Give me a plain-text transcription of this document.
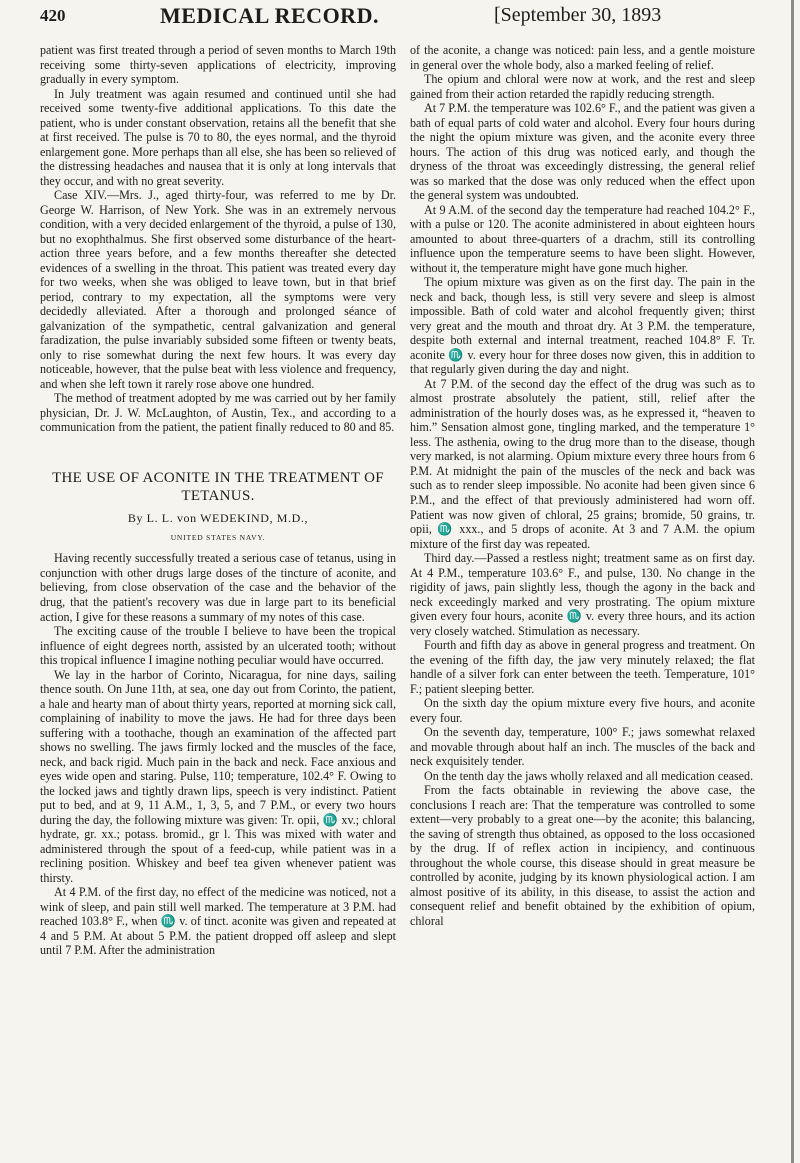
420	MEDICAL RECORD.	[September 30, 1893

patient was first treated through a period of seven months to March 19th receiving some thirty-seven applications of electricity, improving gradually in every symptom.

In July treatment was again resumed and continued until she had received some twenty-five additional applications. To this date the patient, who is under constant observation, retains all the benefit that she at first received. The pulse is 70 to 80, the eyes normal, and the thyroid enlargement gone. More perhaps than all else, she has been so relieved of the distressing headaches and nausea that it is only at long intervals that they occur, and with no great severity.

Case XIV.—Mrs. J., aged thirty-four, was referred to me by Dr. George W. Harrison, of New York. She was in an extremely nervous condition, with a very decided enlargement of the thyroid, a pulse of 130, but no exophthalmus. She first observed some disturbance of the heart-action three years before, and a few months thereafter she detected evidences of a swelling in the throat. This patient was treated every day for two weeks, when she was obliged to leave town, but in that brief period, contrary to my expectation, all the symptoms were very decidedly alleviated. After a thorough and prolonged séance of galvanization of the sympathetic, central galvanization and general faradization, the pulse invariably subsided some fifteen or twenty beats, only to rise somewhat during the next few hours. It was every day noticeable, however, that the pulse beat with less violence and frequency, and when she left town it rarely rose above one hundred.

The method of treatment adopted by me was carried out by her family physician, Dr. J. W. McLaughton, of Austin, Tex., and according to a communication from the patient, the patient finally reduced to 80 and 85.

THE USE OF ACONITE IN THE TREATMENT OF TETANUS.
By L. L. von WEDEKIND, M.D.,
UNITED STATES NAVY.

Having recently successfully treated a serious case of tetanus, using in conjunction with other drugs large doses of the tincture of aconite, and believing, from close observation of the case and the behavior of the drug, that the patient's recovery was due in large part to its beneficial action, I give for these reasons a summary of my notes of this case.

The exciting cause of the trouble I believe to have been the tropical influence of eight degrees north, assisted by an ulcerated tooth; without this tropical influence I imagine nothing peculiar would have occurred.

We lay in the harbor of Corinto, Nicaragua, for nine days, sailing thence south. On June 11th, at sea, one day out from Corinto, the patient, a hale and hearty man of about thirty years, reported at morning sick call, complaining of inability to move the jaws. He had for three days been suffering with a toothache, though an examination of the affected part shows no swelling. The jaws firmly locked and the muscles of the face, neck, and back rigid. Much pain in the back and neck. Face anxious and eyes wide open and staring. Pulse, 110; temperature, 102.4° F. Owing to the locked jaws and tightly drawn lips, speech is very indistinct. Patient put to bed, and at 9, 11 A.M., 1, 3, 5, and 7 P.M., or every two hours during the day, the following mixture was given: Tr. opii, ♏ xv.; chloral hydrate, gr. xx.; potass. bromid., gr l. This was mixed with water and administered through the spout of a feed-cup, while patient was in a reclining position. Whiskey and beef tea given whenever patient was thirsty.

At 4 P.M. of the first day, no effect of the medicine was noticed, not a wink of sleep, and pain still well marked. The temperature at 3 P.M. had reached 103.8° F., when ♏ v. of tinct. aconite was given and repeated at 4 and 5 P.M. At about 5 P.M. the patient dropped off asleep and slept until 7 P.M. After the administration

of the aconite, a change was noticed: pain less, and a gentle moisture in general over the whole body, also a marked feeling of relief.

The opium and chloral were now at work, and the rest and sleep gained from their action retarded the rapidly reducing strength.

At 7 P.M. the temperature was 102.6° F., and the patient was given a bath of equal parts of cold water and alcohol. Every four hours during the night the opium mixture was given, and the aconite every three hours. The action of this drug was noticed early, and though the dryness of the throat was exceedingly distressing, the general relief was so marked that the dose was only reduced when the effect upon the general system was undoubted.

At 9 A.M. of the second day the temperature had reached 104.2° F., with a pulse or 120. The aconite administered in about eighteen hours amounted to about three-quarters of a drachm, still its controlling influence upon the temperature seems to have been slight. However, without it, the temperature might have gone much higher.

The opium mixture was given as on the first day. The pain in the neck and back, though less, is still very severe and sleep is almost impossible. Bath of cold water and alcohol frequently given; thirst very great and the mouth and throat dry. At 3 P.M. the temperature, despite both external and internal treatment, reached 104.8° F. Tr. aconite ♏ v. every hour for three doses now given, this in addition to that regularly given during the day and night.

At 7 P.M. of the second day the effect of the drug was such as to almost prostrate absolutely the patient, still, relief after the administration of the hourly doses was, as he expressed it, “heaven to him.” Sensation almost gone, tingling marked, and the temperature 1° less. The asthenia, owing to the drug more than to the disease, though very marked, is not alarming. Opium mixture every three hours from 6 P.M. At midnight the pain of the muscles of the neck and back was such as to render sleep impossible. No aconite had been given since 6 P.M., and the effect of that previously administered had worn off. Patient was now given of chloral, 25 grains; bromide, 50 grains, tr. opii, ♏ xxx., and 5 drops of aconite. At 3 and 7 A.M. the opium mixture of the first day was repeated.

Third day.—Passed a restless night; treatment same as on first day. At 4 P.M., temperature 103.6° F., and pulse, 130. No change in the rigidity of jaws, pain slightly less, though the agony in the back and neck exceedingly marked and very prostrating. The opium mixture given every four hours, aconite ♏ v. every three hours, and its action very closely watched. Stimulation as necessary.

Fourth and fifth day as above in general progress and treatment. On the evening of the fifth day, the jaw very minutely relaxed; the flat handle of a silver fork can enter between the teeth. Temperature, 101° F.; patient sleeping better.

On the sixth day the opium mixture every five hours, and aconite every four.

On the seventh day, temperature, 100° F.; jaws somewhat relaxed and movable through about half an inch. The muscles of the back and neck exquisitely tender.

On the tenth day the jaws wholly relaxed and all medication ceased.

From the facts obtainable in reviewing the above case, the conclusions I reach are: That the temperature was controlled to some extent—very probably to a great one—by the aconite; this balancing, the saving of strength thus obtained, as opposed to the loss occasioned by the drug. If of reflex action in incipiency, and continuous throughout the whole course, this disease should in great measure be controlled by aconite, judging by its known physiological action. I am almost positive of its ability, in this disease, to assist the action and consequent relief and benefit obtained by the exhibition of opium, chloral
